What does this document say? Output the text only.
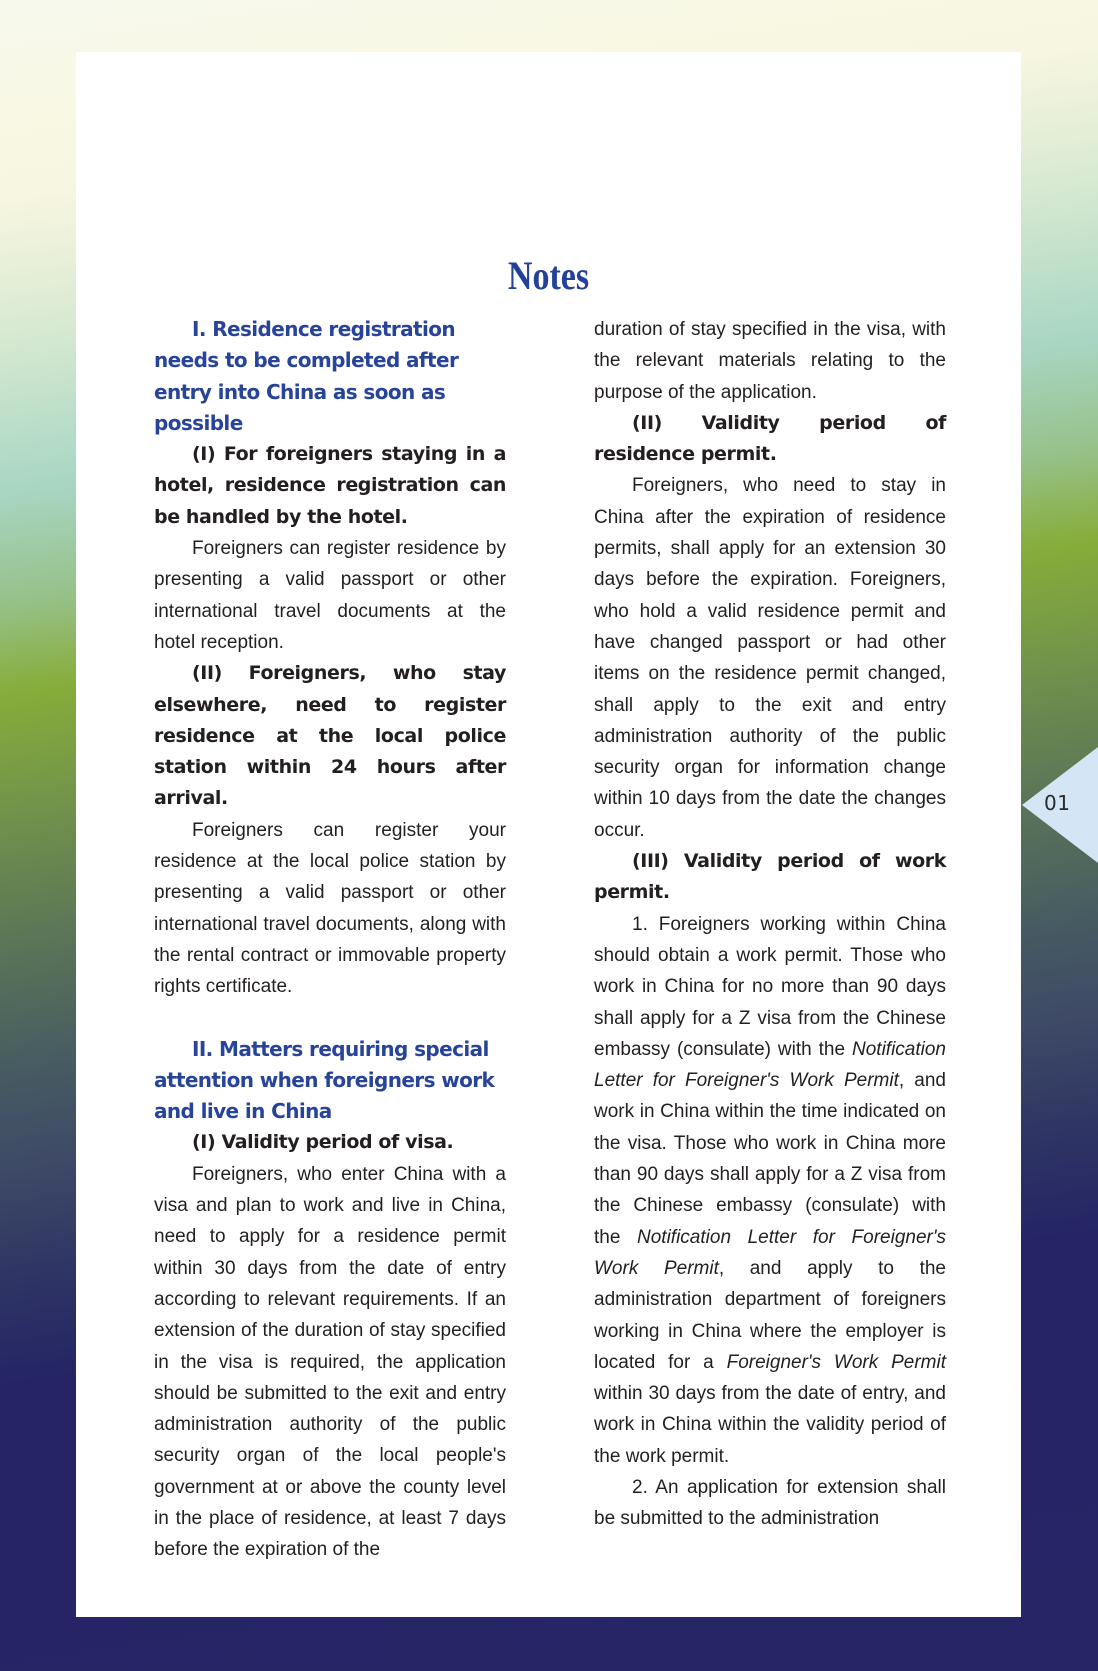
Notes

I. Residence registration needs to be completed after entry into China as soon as possible

(I) For foreigners staying in a hotel, residence registration can be handled by the hotel.

Foreigners can register residence by presenting a valid passport or other international travel documents at the hotel reception.

(II) Foreigners, who stay elsewhere, need to register residence at the local police station within 24 hours after arrival.

Foreigners can register your residence at the local police station by presenting a valid passport or other international travel documents, along with the rental contract or immovable property rights certificate.

II. Matters requiring special attention when foreigners work and live in China

(I) Validity period of visa.

Foreigners, who enter China with a visa and plan to work and live in China, need to apply for a residence permit within 30 days from the date of entry according to relevant requirements. If an extension of the duration of stay specified in the visa is required, the application should be submitted to the exit and entry administration authority of the public security organ of the local people's government at or above the county level in the place of residence, at least 7 days before the expiration of the

duration of stay specified in the visa, with the relevant materials relating to the purpose of the application.

(II) Validity period of residence permit.

Foreigners, who need to stay in China after the expiration of residence permits, shall apply for an extension 30 days before the expiration. Foreigners, who hold a valid residence permit and have changed passport or had other items on the residence permit changed, shall apply to the exit and entry administration authority of the public security organ for information change within 10 days from the date the changes occur.

(III) Validity period of work permit.

1. Foreigners working within China should obtain a work permit. Those who work in China for no more than 90 days shall apply for a Z visa from the Chinese embassy (consulate) with the Notification Letter for Foreigner's Work Permit, and work in China within the time indicated on the visa. Those who work in China more than 90 days shall apply for a Z visa from the Chinese embassy (consulate) with the Notification Letter for Foreigner's Work Permit, and apply to the administration department of foreigners working in China where the employer is located for a Foreigner's Work Permit within 30 days from the date of entry, and work in China within the validity period of the work permit.

2. An application for extension shall be submitted to the administration

01
